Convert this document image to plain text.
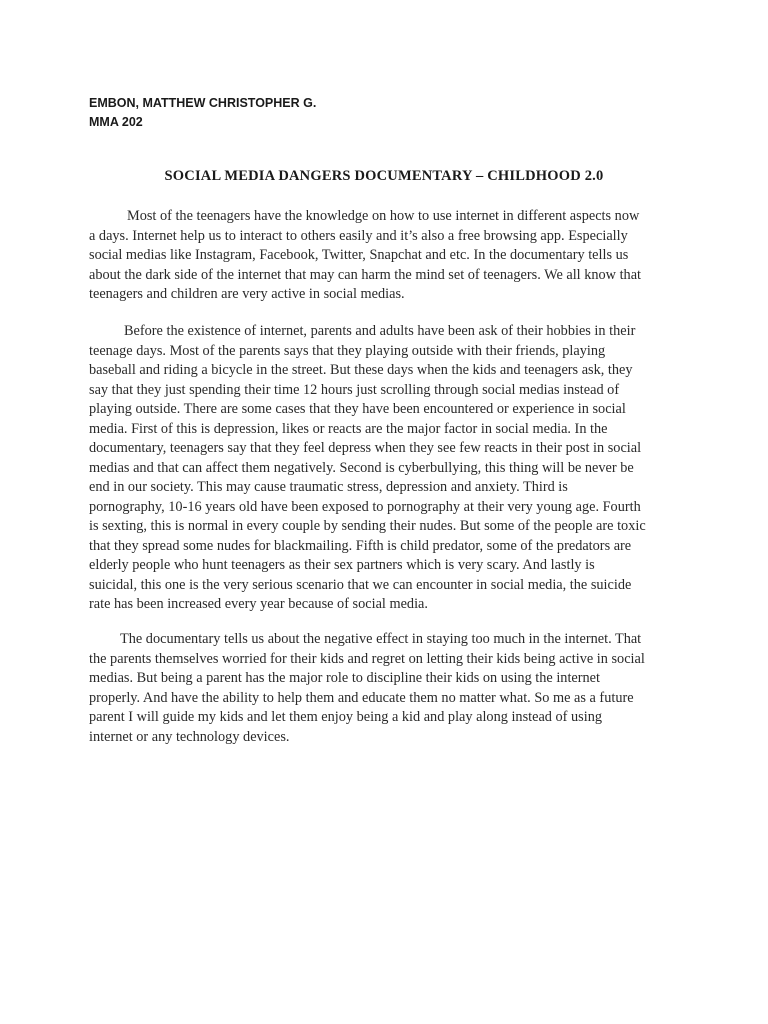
EMBON, MATTHEW CHRISTOPHER G.
MMA 202
SOCIAL MEDIA DANGERS DOCUMENTARY – CHILDHOOD 2.0

Most of the teenagers have the knowledge on how to use internet in different aspects now
a days. Internet help us to interact to others easily and it’s also a free browsing app. Especially
social medias like Instagram, Facebook, Twitter, Snapchat and etc. In the documentary tells us
about the dark side of the internet that may can harm the mind set of teenagers. We all know that
teenagers and children are very active in social medias.

Before the existence of internet, parents and adults have been ask of their hobbies in their
teenage days. Most of the parents says that they playing outside with their friends, playing
baseball and riding a bicycle in the street. But these days when the kids and teenagers ask, they
say that they just spending their time 12 hours just scrolling through social medias instead of
playing outside. There are some cases that they have been encountered or experience in social
media. First of this is depression, likes or reacts are the major factor in social media. In the
documentary, teenagers say that they feel depress when they see few reacts in their post in social
medias and that can affect them negatively. Second is cyberbullying, this thing will be never be
end in our society. This may cause traumatic stress, depression and anxiety. Third is
pornography, 10-16 years old have been exposed to pornography at their very young age. Fourth
is sexting, this is normal in every couple by sending their nudes. But some of the people are toxic
that they spread some nudes for blackmailing. Fifth is child predator, some of the predators are
elderly people who hunt teenagers as their sex partners which is very scary. And lastly is
suicidal, this one is the very serious scenario that we can encounter in social media, the suicide
rate has been increased every year because of social media.

The documentary tells us about the negative effect in staying too much in the internet. That
the parents themselves worried for their kids and regret on letting their kids being active in social
medias. But being a parent has the major role to discipline their kids on using the internet
properly. And have the ability to help them and educate them no matter what. So me as a future
parent I will guide my kids and let them enjoy being a kid and play along instead of using
internet or any technology devices.
